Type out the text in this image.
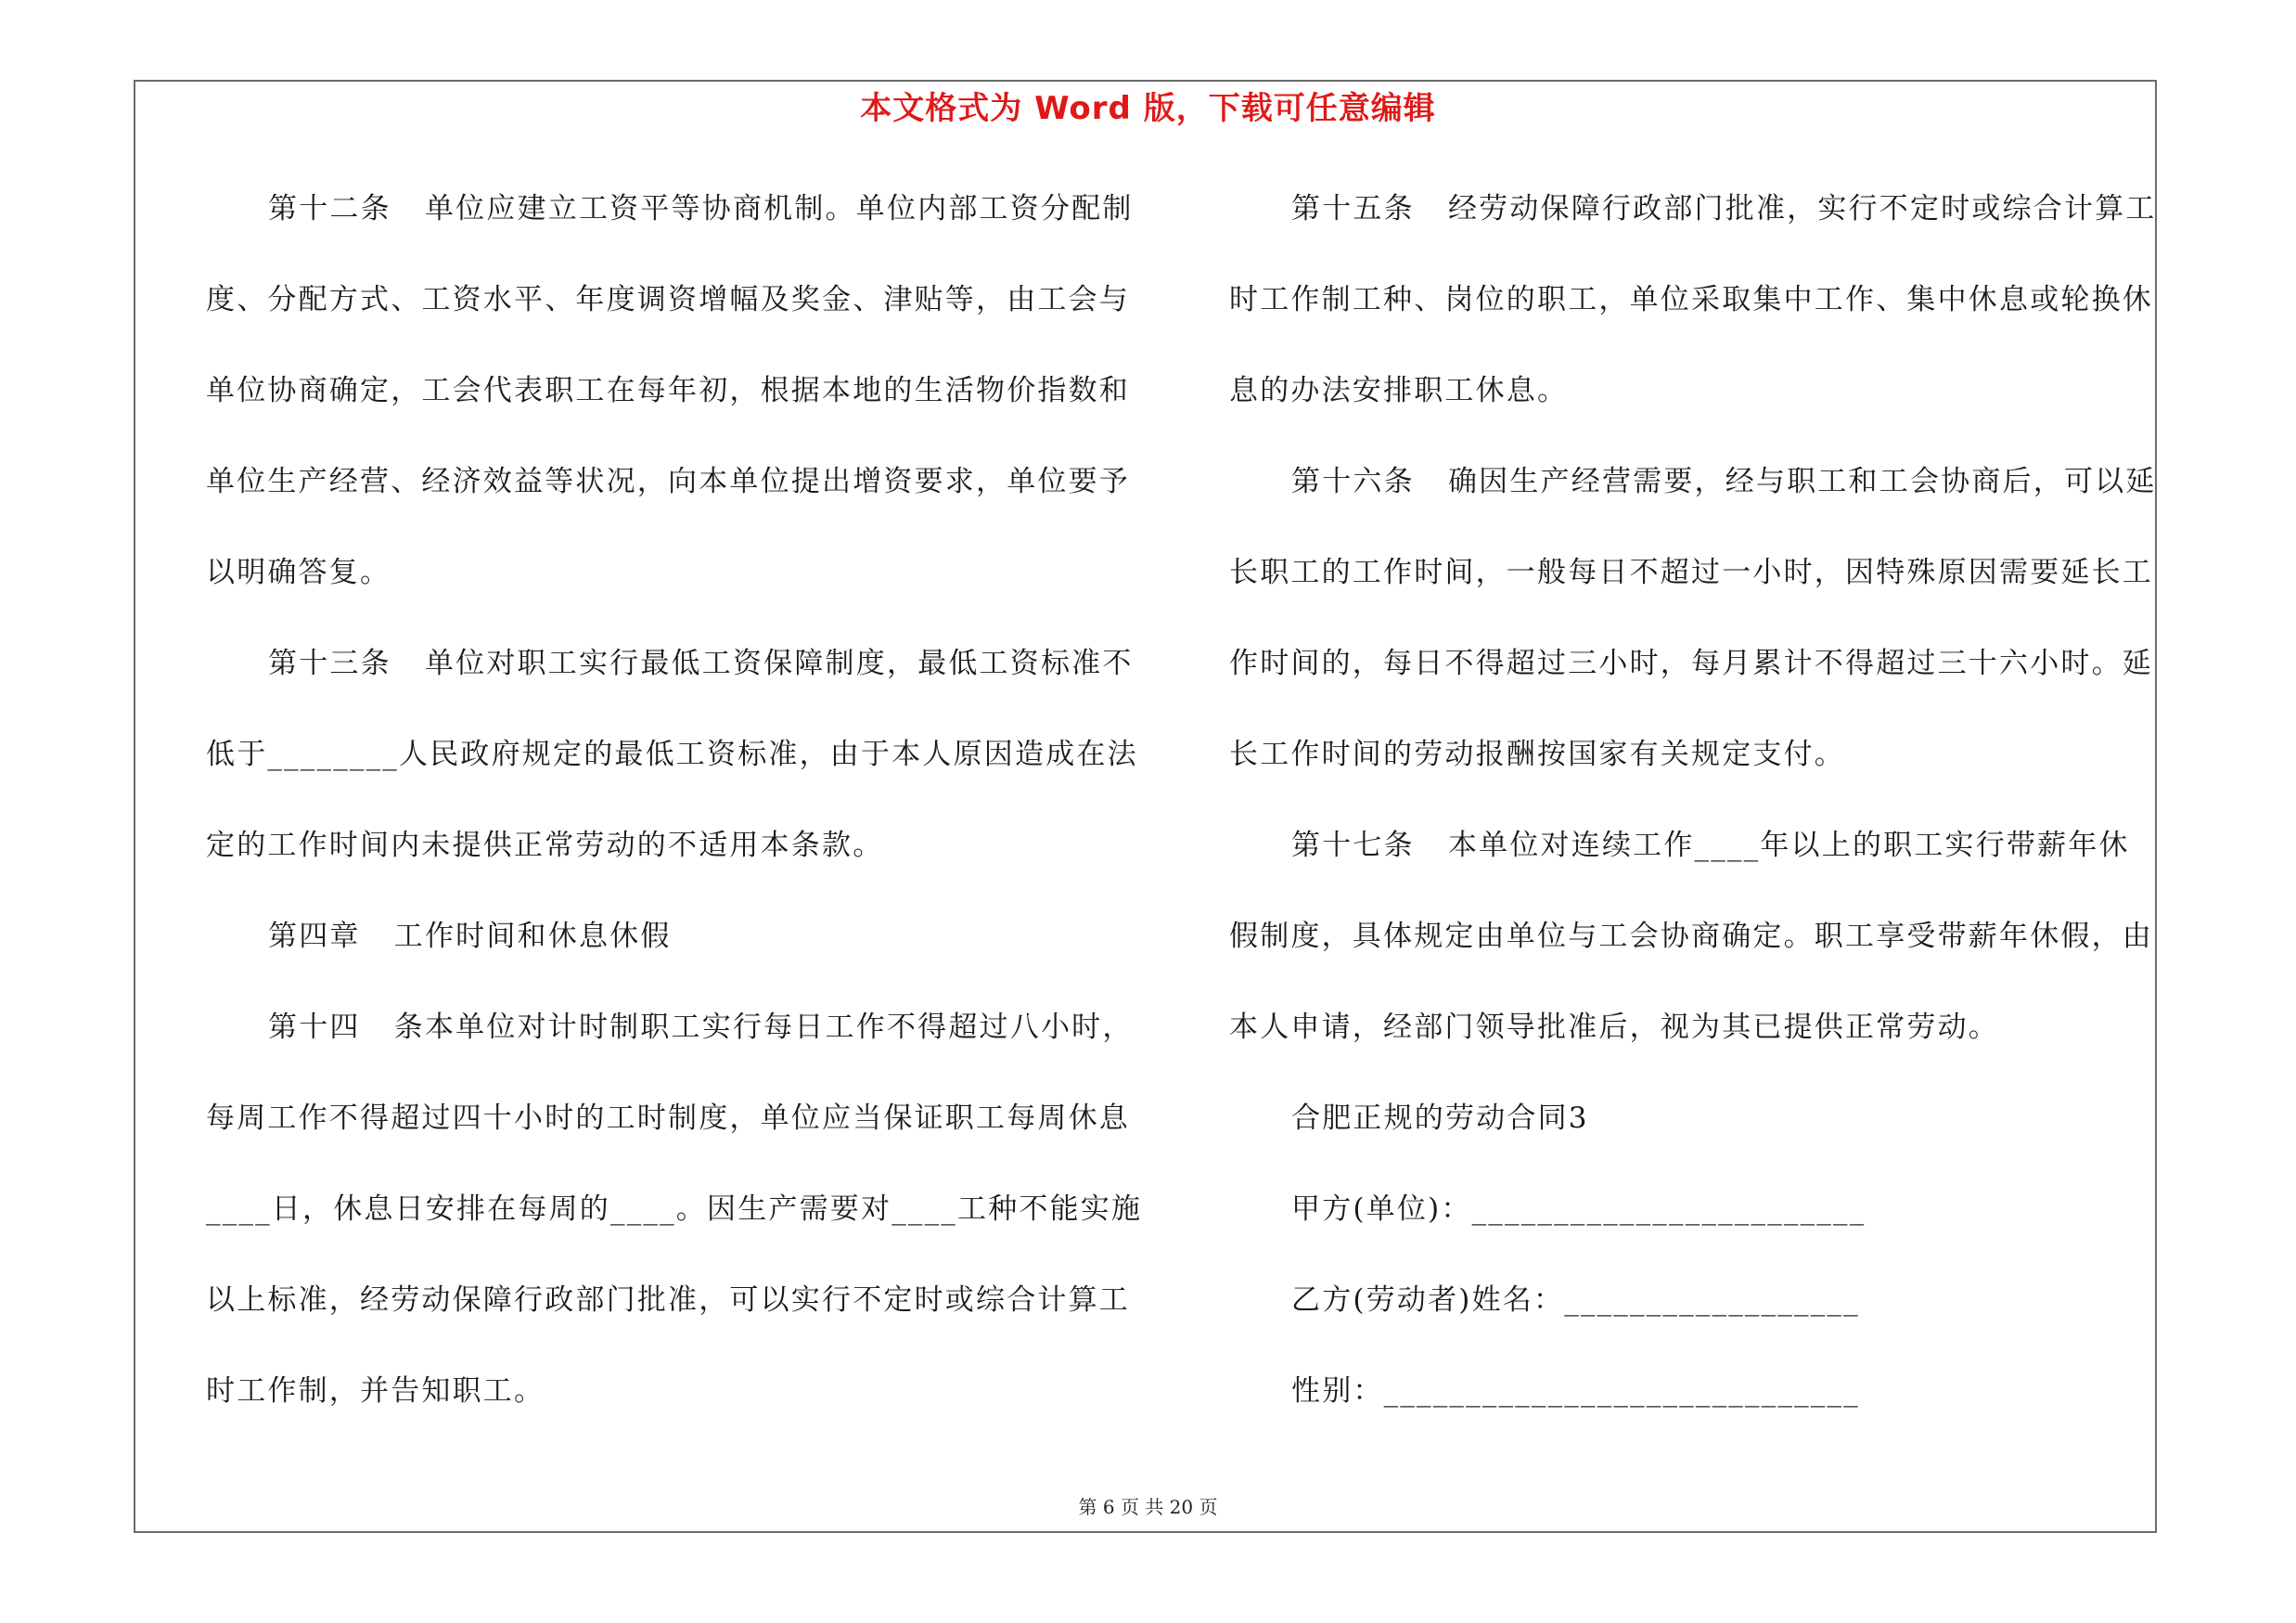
本文格式为 Word 版，下载可任意编辑
第十二条   单位应建立工资平等协商机制。单位内部工资分配制
度、分配方式、工资水平、年度调资增幅及奖金、津贴等，由工会与
单位协商确定，工会代表职工在每年初，根据本地的生活物价指数和
单位生产经营、经济效益等状况，向本单位提出增资要求，单位要予
以明确答复。
第十三条   单位对职工实行最低工资保障制度，最低工资标准不
低于________人民政府规定的最低工资标准，由于本人原因造成在法
定的工作时间内未提供正常劳动的不适用本条款。
第四章   工作时间和休息休假
第十四   条本单位对计时制职工实行每日工作不得超过八小时，
每周工作不得超过四十小时的工时制度，单位应当保证职工每周休息
____日，休息日安排在每周的____。因生产需要对____工种不能实施
以上标准，经劳动保障行政部门批准，可以实行不定时或综合计算工
时工作制，并告知职工。
第十五条   经劳动保障行政部门批准，实行不定时或综合计算工
时工作制工种、岗位的职工，单位采取集中工作、集中休息或轮换休
息的办法安排职工休息。
第十六条   确因生产经营需要，经与职工和工会协商后，可以延
长职工的工作时间，一般每日不超过一小时，因特殊原因需要延长工
作时间的，每日不得超过三小时，每月累计不得超过三十六小时。延
长工作时间的劳动报酬按国家有关规定支付。
第十七条   本单位对连续工作____年以上的职工实行带薪年休
假制度，具体规定由单位与工会协商确定。职工享受带薪年休假，由
本人申请，经部门领导批准后，视为其已提供正常劳动。
合肥正规的劳动合同3
甲方(单位)：________________________
乙方(劳动者)姓名：__________________
性别：_____________________________
第 6 页 共 20 页
